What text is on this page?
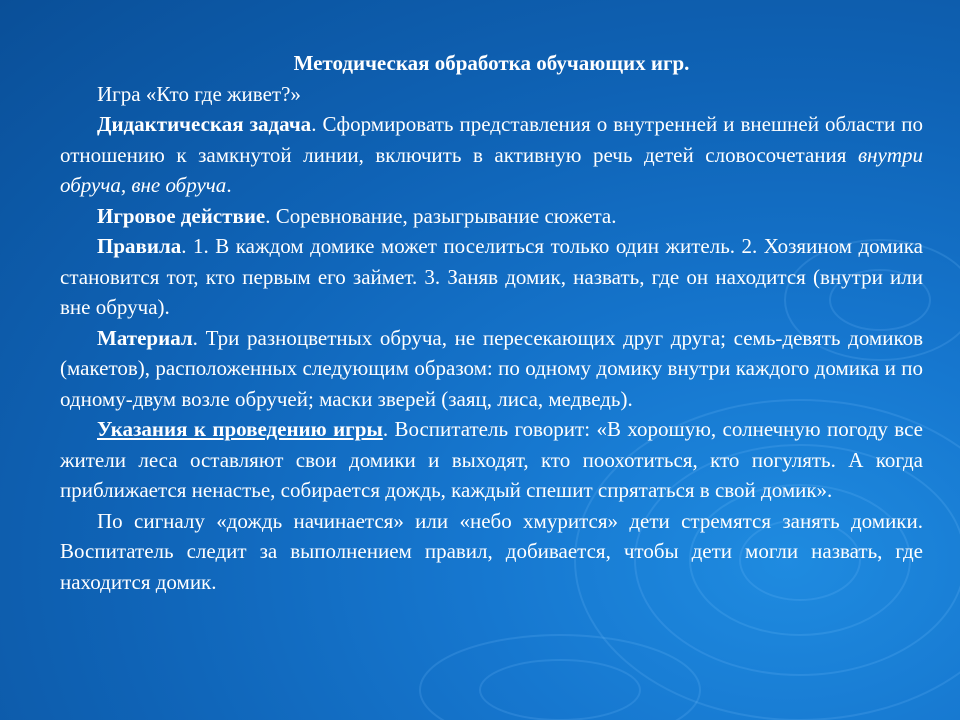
Методическая обработка обучающих игр.

Игра «Кто где живет?»

Дидактическая задача. Сформировать представления о внутренней и внешней области по отношению к замкнутой линии, включить в активную речь детей словосочетания внутри обруча, вне обруча.

Игровое действие. Соревнование, разыгрывание сюжета.

Правила. 1. В каждом домике может поселиться только один житель. 2. Хозяином домика становится тот, кто первым его займет. 3. Заняв домик, назвать, где он находится (внутри или вне обруча).

Материал. Три разноцветных обруча, не пересекающих друг друга; семь-девять домиков (макетов), расположенных следующим образом: по одному домику внутри каждого домика и по одному-двум возле обручей; маски зверей (заяц, лиса, медведь).

Указания к проведению игры. Воспитатель говорит: «В хорошую, солнечную погоду все жители леса оставляют свои домики и выходят, кто поохотиться, кто погулять. А когда приближается ненастье, собирается дождь, каждый спешит спрятаться в свой домик».

По сигналу «дождь начинается» или «небо хмурится» дети стремятся занять домики. Воспитатель следит за выполнением правил, добивается, чтобы дети могли назвать, где находится домик.
